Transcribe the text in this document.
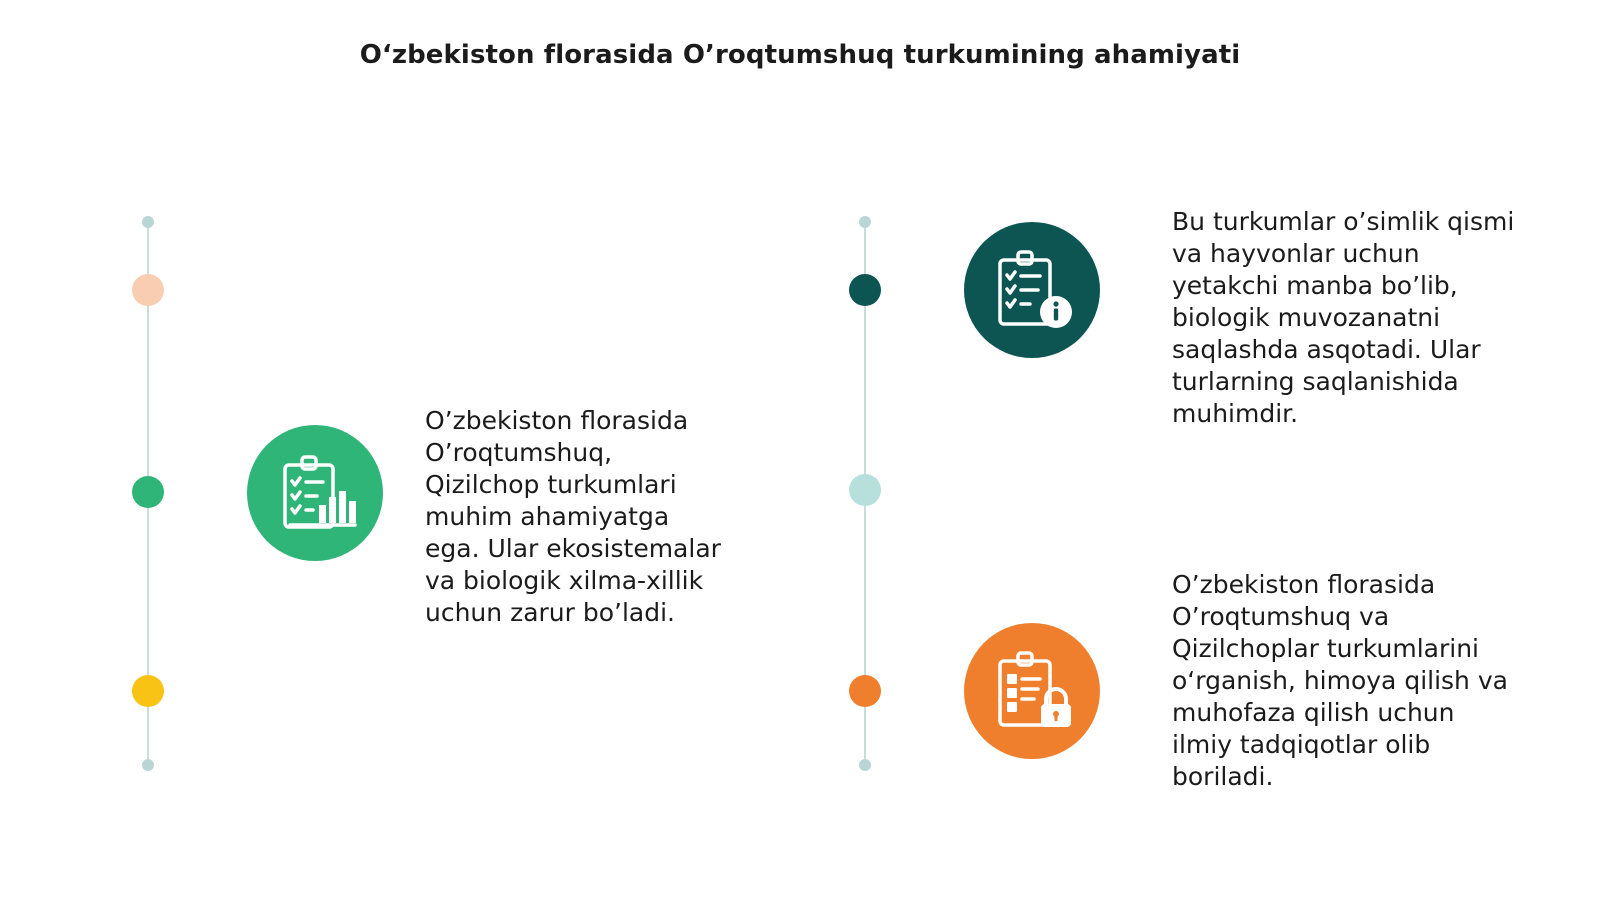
O‘zbekiston florasida O’roqtumshuq turkumining ahamiyati

O’zbekiston florasida
O’roqtumshuq,
Qizilchop turkumlari
muhim ahamiyatga
ega. Ular ekosistemalar
va biologik xilma-xillik
uchun zarur bo’ladi.

Bu turkumlar o’simlik qismi
va hayvonlar uchun
yetakchi manba bo’lib,
biologik muvozanatni
saqlashda asqotadi. Ular
turlarning saqlanishida
muhimdir.

O’zbekiston florasida
O’roqtumshuq va
Qizilchoplar turkumlarini
o‘rganish, himoya qilish va
muhofaza qilish uchun
ilmiy tadqiqotlar olib
boriladi.
